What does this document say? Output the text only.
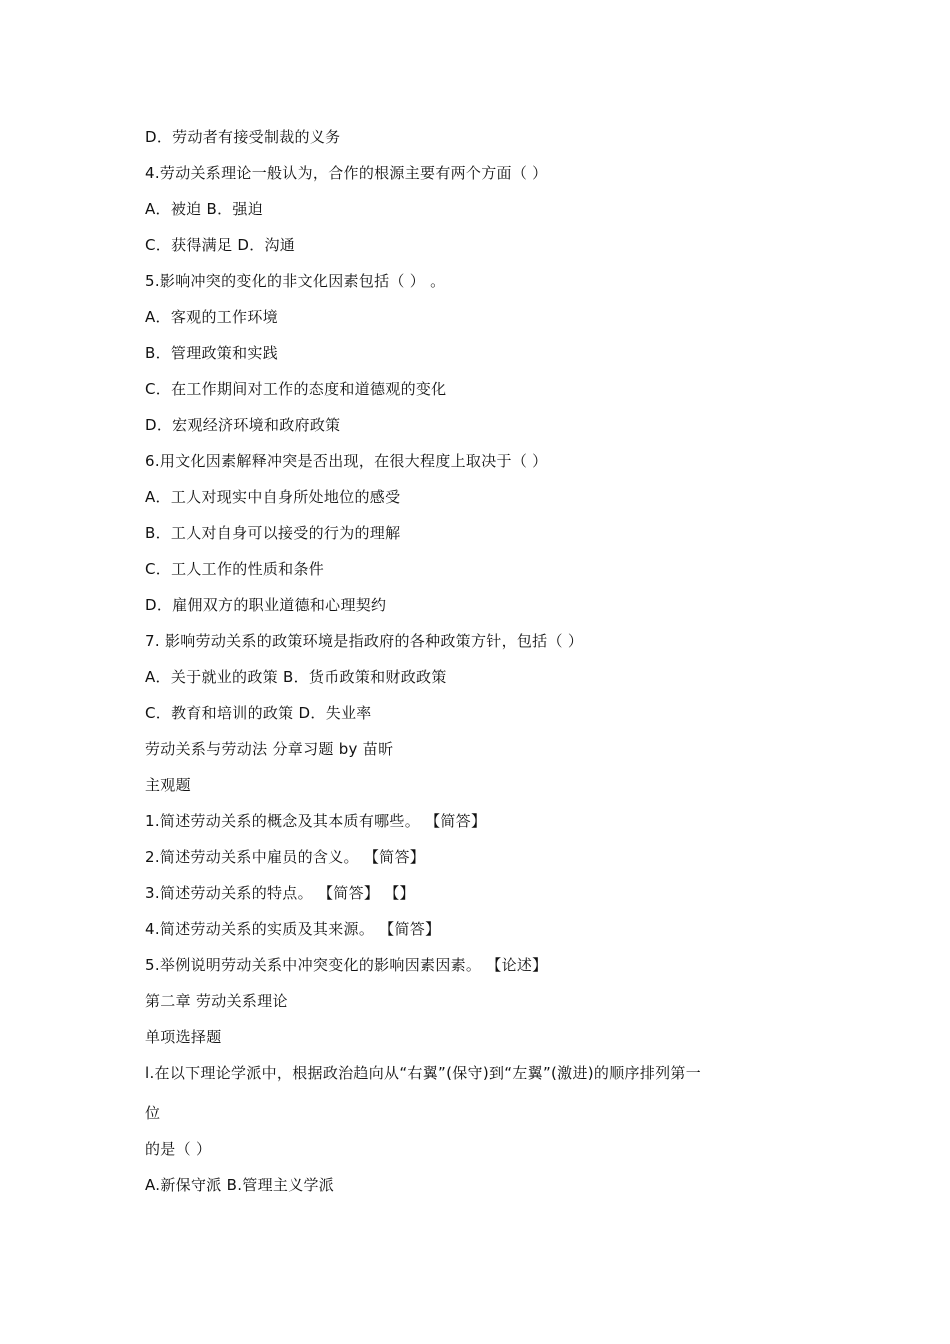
D．劳动者有接受制裁的义务
4.劳动关系理论一般认为，合作的根源主要有两个方面（ ）
A．被迫 B．强迫
C．获得满足 D．沟通
5.影响冲突的变化的非文化因素包括（ ） 。
A．客观的工作环境
B．管理政策和实践
C．在工作期间对工作的态度和道德观的变化
D．宏观经济环境和政府政策
6.用文化因素解释冲突是否出现，在很大程度上取决于（ ）
A．工人对现实中自身所处地位的感受
B．工人对自身可以接受的行为的理解
C．工人工作的性质和条件
D．雇佣双方的职业道德和心理契约
7. 影响劳动关系的政策环境是指政府的各种政策方针，包括（ ）
A．关于就业的政策 B．货币政策和财政政策
C．教育和培训的政策 D．失业率
劳动关系与劳动法 分章习题 by 苗昕
主观题
1.简述劳动关系的概念及其本质有哪些。 【简答】
2.简述劳动关系中雇员的含义。 【简答】
3.简述劳动关系的特点。 【简答】 【】
4.简述劳动关系的实质及其来源。 【简答】
5.举例说明劳动关系中冲突变化的影响因素因素。 【论述】
第二章 劳动关系理论
单项选择题
l.在以下理论学派中，根据政治趋向从“右翼”(保守)到“左翼”(激进)的顺序排列第一
位
的是（ ）
A.新保守派 B.管理主义学派
